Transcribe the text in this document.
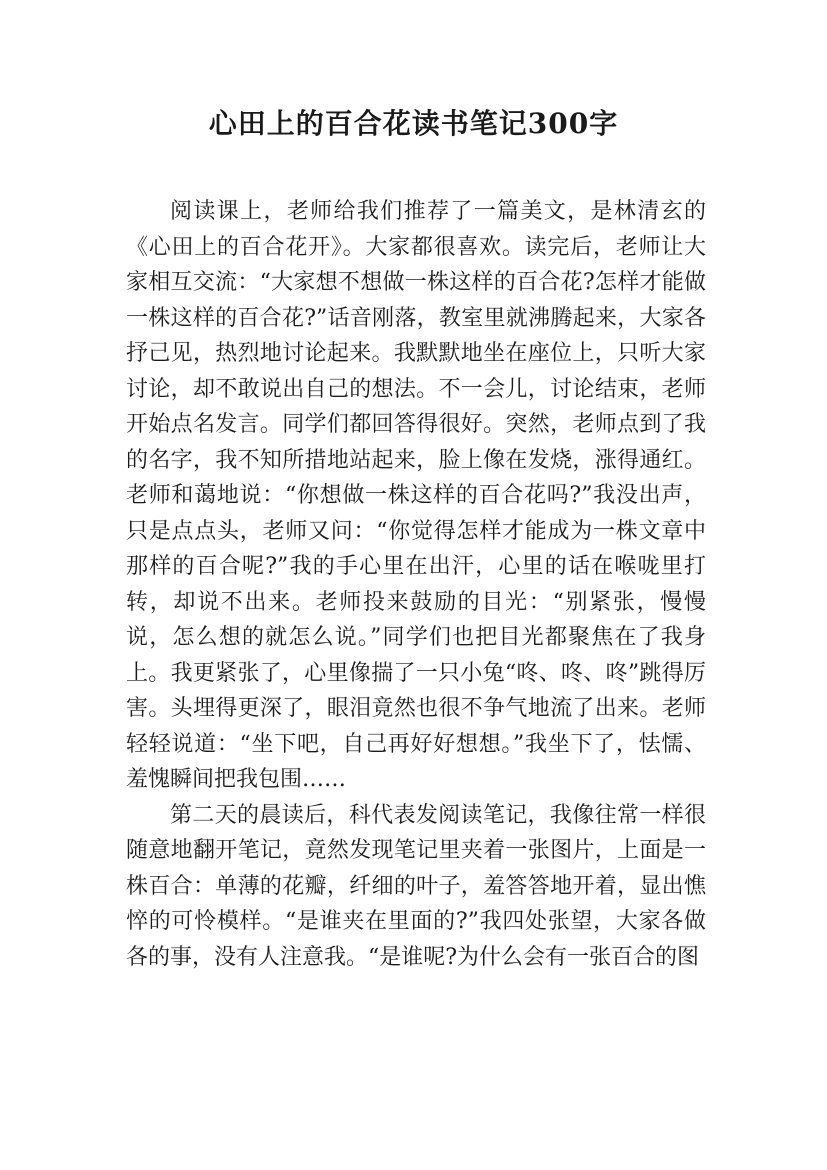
心田上的百合花读书笔记300字

阅读课上，老师给我们推荐了一篇美文，是林清玄的《心田上的百合花开》。大家都很喜欢。读完后，老师让大家相互交流：“大家想不想做一株这样的百合花?怎样才能做一株这样的百合花?”话音刚落，教室里就沸腾起来，大家各抒己见，热烈地讨论起来。我默默地坐在座位上，只听大家讨论，却不敢说出自己的想法。不一会儿，讨论结束，老师开始点名发言。同学们都回答得很好。突然，老师点到了我的名字，我不知所措地站起来，脸上像在发烧，涨得通红。老师和蔼地说：“你想做一株这样的百合花吗?”我没出声，只是点点头，老师又问：“你觉得怎样才能成为一株文章中那样的百合呢?”我的手心里在出汗，心里的话在喉咙里打转，却说不出来。老师投来鼓励的目光：“别紧张，慢慢说，怎么想的就怎么说。”同学们也把目光都聚焦在了我身上。我更紧张了，心里像揣了一只小兔“咚、咚、咚”跳得厉害。头埋得更深了，眼泪竟然也很不争气地流了出来。老师轻轻说道：“坐下吧，自己再好好想想。”我坐下了，怯懦、羞愧瞬间把我包围……

第二天的晨读后，科代表发阅读笔记，我像往常一样很随意地翻开笔记，竟然发现笔记里夹着一张图片，上面是一株百合：单薄的花瓣，纤细的叶子，羞答答地开着，显出憔悴的可怜模样。“是谁夹在里面的?”我四处张望，大家各做各的事，没有人注意我。“是谁呢?为什么会有一张百合的图
